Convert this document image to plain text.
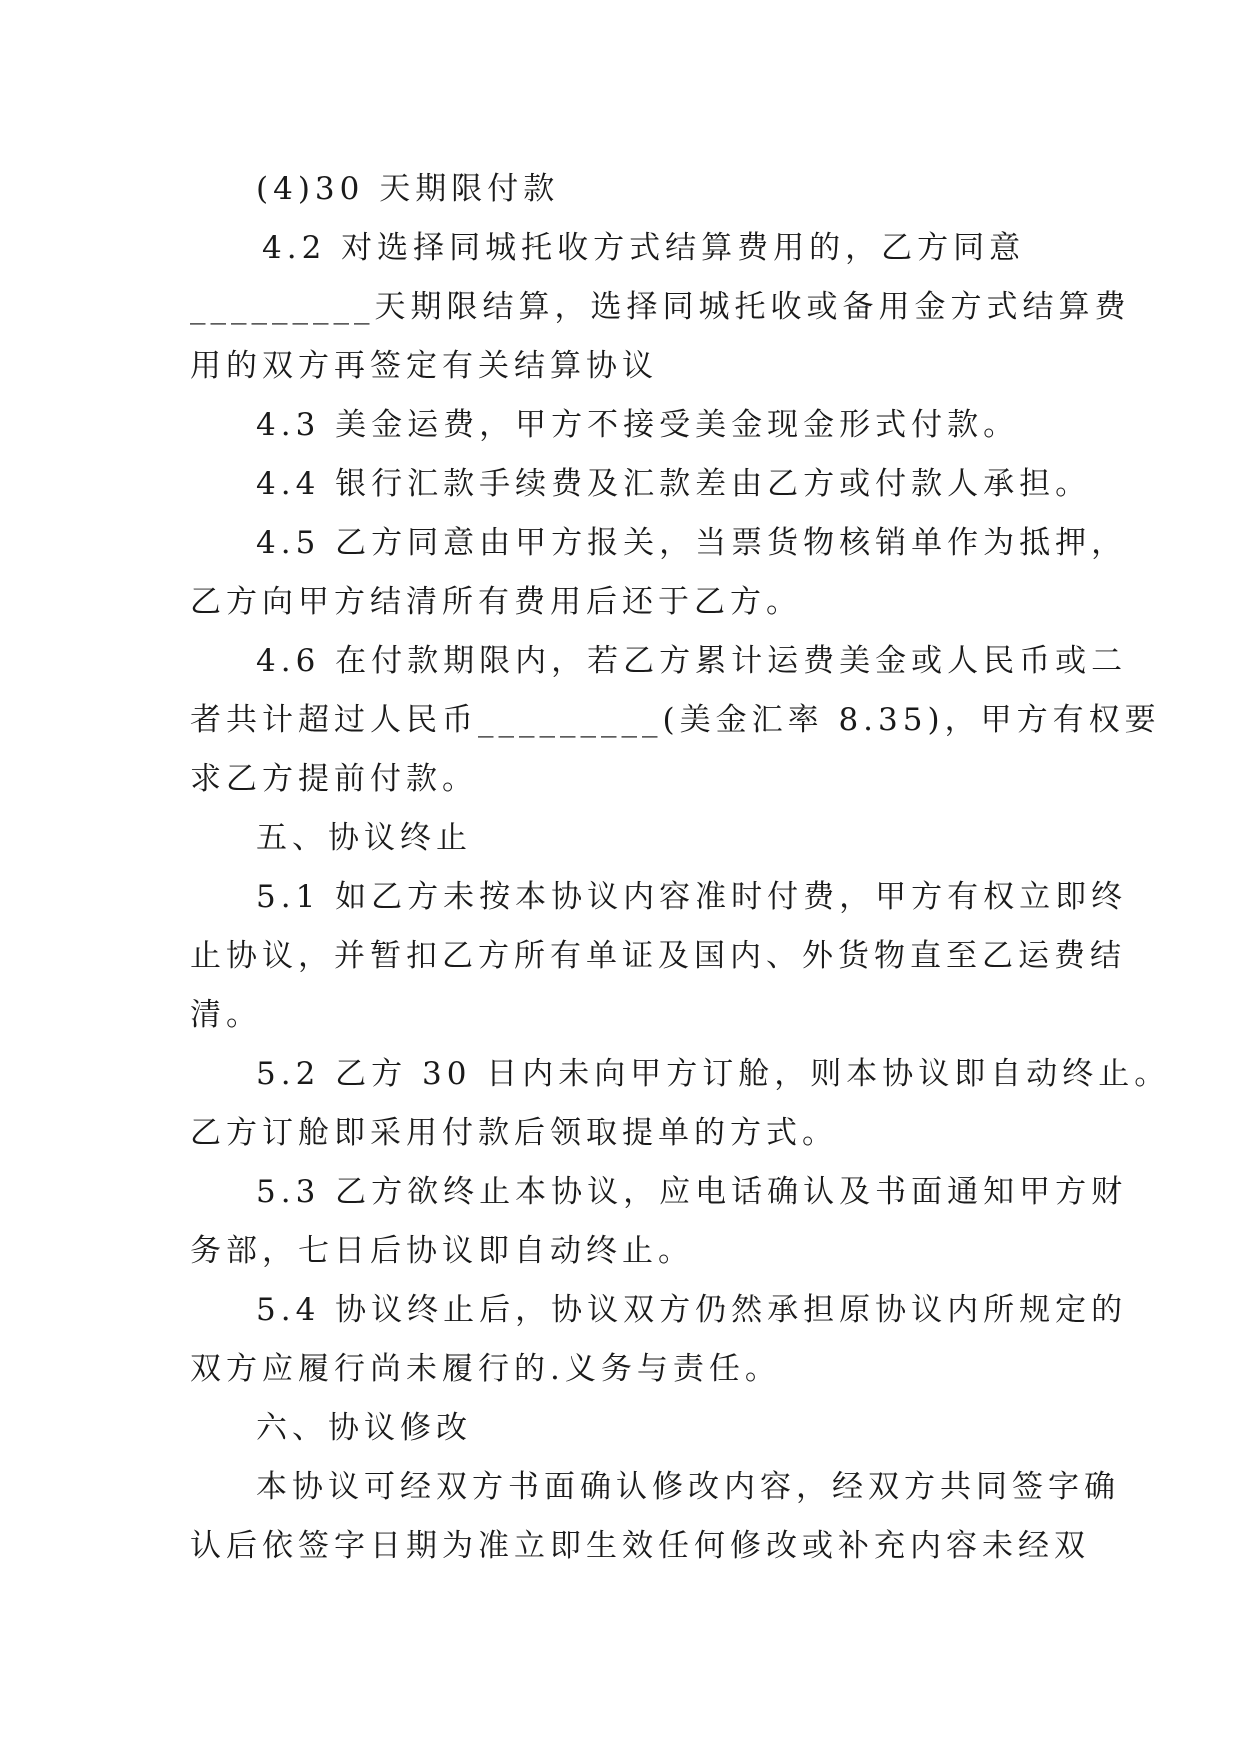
(4)30 天期限付款
4.2 对选择同城托收方式结算费用的，乙方同意
_________天期限结算，选择同城托收或备用金方式结算费
用的双方再签定有关结算协议
4.3 美金运费，甲方不接受美金现金形式付款。
4.4 银行汇款手续费及汇款差由乙方或付款人承担。
4.5 乙方同意由甲方报关，当票货物核销单作为抵押，
乙方向甲方结清所有费用后还于乙方。
4.6 在付款期限内，若乙方累计运费美金或人民币或二
者共计超过人民币_________(美金汇率 8.35)，甲方有权要
求乙方提前付款。
五、协议终止
5.1 如乙方未按本协议内容准时付费，甲方有权立即终
止协议，并暂扣乙方所有单证及国内、外货物直至乙运费结
清。
5.2 乙方 30 日内未向甲方订舱，则本协议即自动终止。
乙方订舱即采用付款后领取提单的方式。
5.3 乙方欲终止本协议，应电话确认及书面通知甲方财
务部，七日后协议即自动终止。
5.4 协议终止后，协议双方仍然承担原协议内所规定的
双方应履行尚未履行的.义务与责任。
六、协议修改
本协议可经双方书面确认修改内容，经双方共同签字确
认后依签字日期为准立即生效任何修改或补充内容未经双
